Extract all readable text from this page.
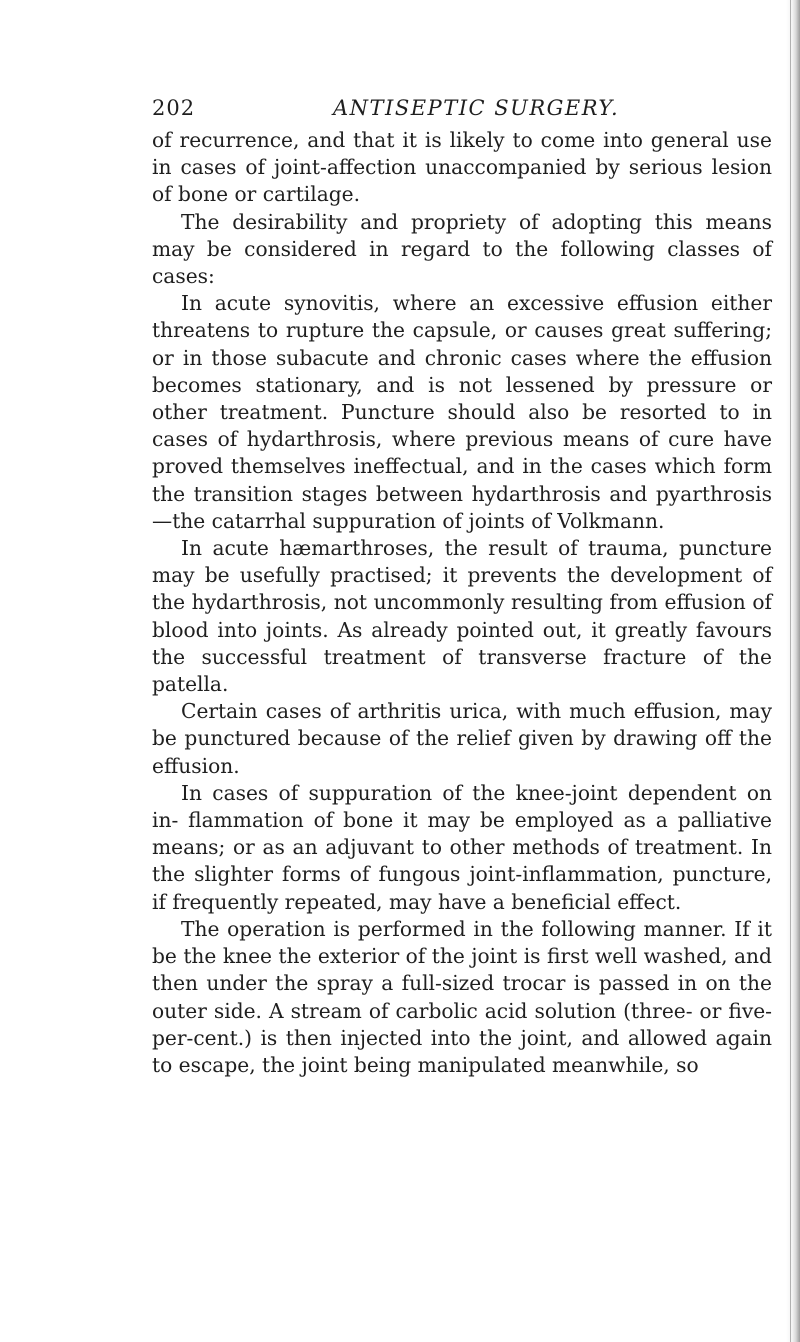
202	ANTISEPTIC SURGERY.

of recurrence, and that it is likely to come into general use in cases of joint-affection unaccompanied by serious lesion of bone or cartilage.

The desirability and propriety of adopting this means may be considered in regard to the following classes of cases:

In acute synovitis, where an excessive effusion either threatens to rupture the capsule, or causes great suffering; or in those subacute and chronic cases where the effusion becomes stationary, and is not lessened by pressure or other treatment. Puncture should also be resorted to in cases of hydarthrosis, where previous means of cure have proved themselves ineffectual, and in the cases which form the transition stages between hydarthrosis and pyarthrosis—the catarrhal suppuration of joints of Volkmann.

In acute hæmarthroses, the result of trauma, puncture may be usefully practised; it prevents the development of the hydarthrosis, not uncommonly resulting from effusion of blood into joints. As already pointed out, it greatly favours the successful treatment of transverse fracture of the patella.

Certain cases of arthritis urica, with much effusion, may be punctured because of the relief given by drawing off the effusion.

In cases of suppuration of the knee-joint dependent on in- flammation of bone it may be employed as a palliative means; or as an adjuvant to other methods of treatment. In the slighter forms of fungous joint-inflammation, puncture, if frequently repeated, may have a beneficial effect.

The operation is performed in the following manner. If it be the knee the exterior of the joint is first well washed, and then under the spray a full-sized trocar is passed in on the outer side. A stream of carbolic acid solution (three- or five-per-cent.) is then injected into the joint, and allowed again to escape, the joint being manipulated meanwhile, so
